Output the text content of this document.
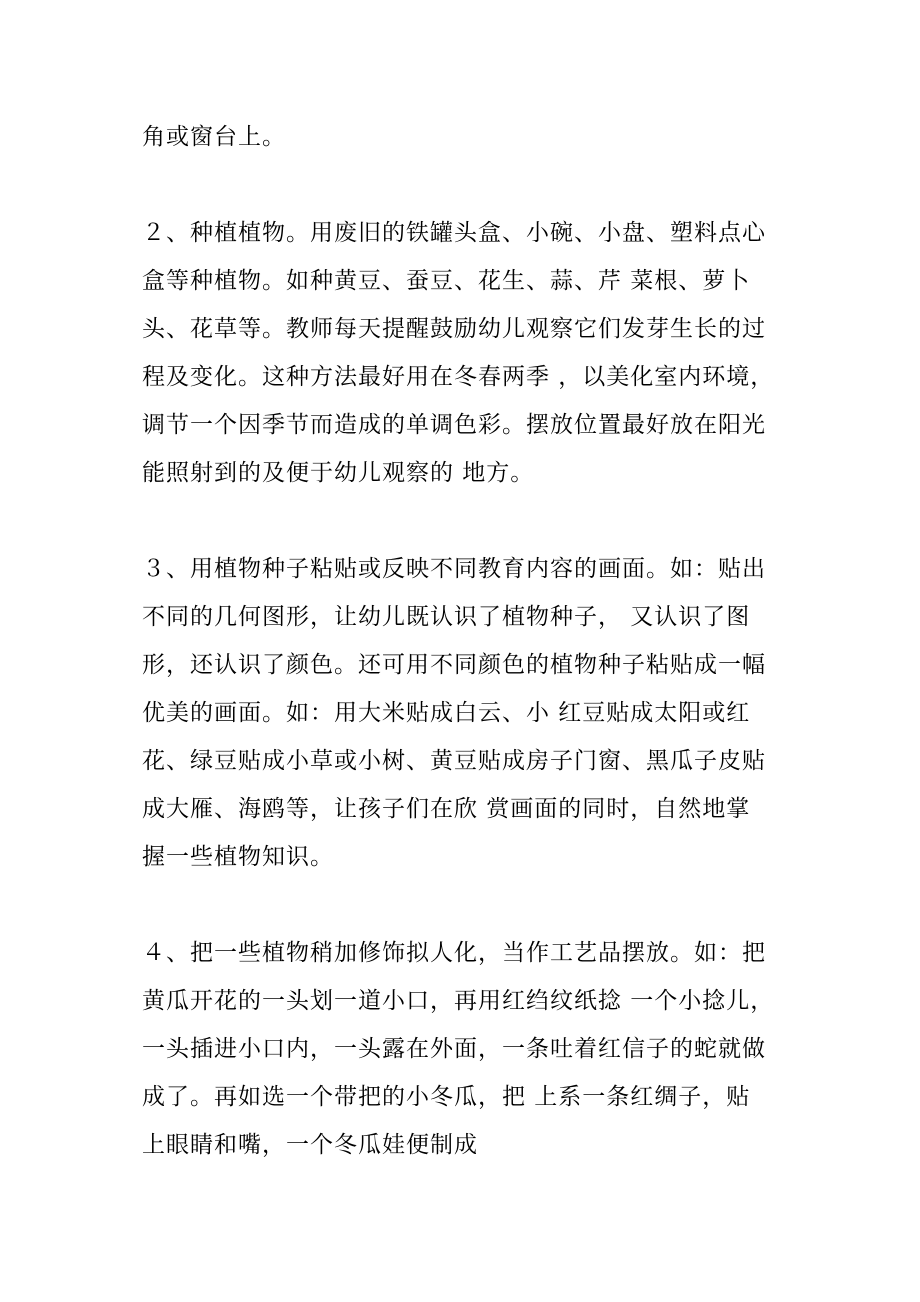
角或窗台上。
２、种植植物。用废旧的铁罐头盒、小碗、小盘、塑料点心
盒等种植物。如种黄豆、蚕豆、花生、蒜、芹 菜根、萝卜
头、花草等。教师每天提醒鼓励幼儿观察它们发芽生长的过
程及变化。这种方法最好用在冬春两季 ，以美化室内环境，
调节一个因季节而造成的单调色彩。摆放位置最好放在阳光
能照射到的及便于幼儿观察的 地方。
３、用植物种子粘贴或反映不同教育内容的画面。如：贴出
不同的几何图形，让幼儿既认识了植物种子， 又认识了图
形，还认识了颜色。还可用不同颜色的植物种子粘贴成一幅
优美的画面。如：用大米贴成白云、小 红豆贴成太阳或红
花、绿豆贴成小草或小树、黄豆贴成房子门窗、黑瓜子皮贴
成大雁、海鸥等，让孩子们在欣 赏画面的同时，自然地掌
握一些植物知识。
４、把一些植物稍加修饰拟人化，当作工艺品摆放。如：把
黄瓜开花的一头划一道小口，再用红绉纹纸捻 一个小捻儿，
一头插进小口内，一头露在外面，一条吐着红信子的蛇就做
成了。再如选一个带把的小冬瓜，把 上系一条红绸子，贴
上眼睛和嘴，一个冬瓜娃便制成
